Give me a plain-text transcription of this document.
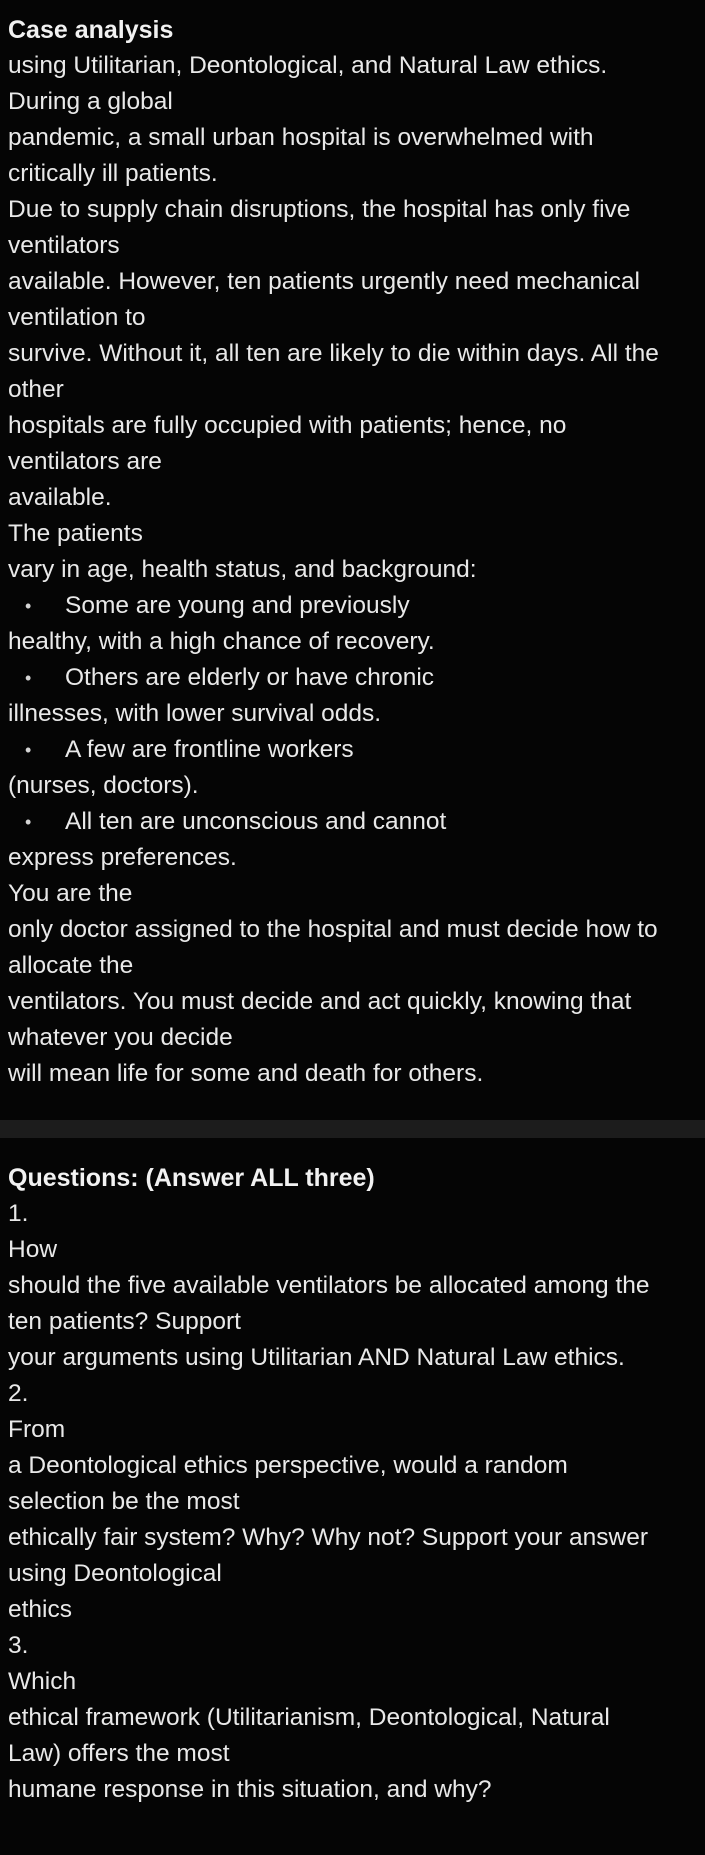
Case analysis
using Utilitarian, Deontological, and Natural Law ethics.
During a global
pandemic, a small urban hospital is overwhelmed with
critically ill patients.
Due to supply chain disruptions, the hospital has only five
ventilators
available. However, ten patients urgently need mechanical
ventilation to
survive. Without it, all ten are likely to die within days. All the
other
hospitals are fully occupied with patients; hence, no
ventilators are
available.
The patients
vary in age, health status, and background:
• Some are young and previously
healthy, with a high chance of recovery.
• Others are elderly or have chronic
illnesses, with lower survival odds.
• A few are frontline workers
(nurses, doctors).
• All ten are unconscious and cannot
express preferences.
You are the
only doctor assigned to the hospital and must decide how to
allocate the
ventilators. You must decide and act quickly, knowing that
whatever you decide
will mean life for some and death for others.
Questions: (Answer ALL three)
1.
How
should the five available ventilators be allocated among the
ten patients? Support
your arguments using Utilitarian AND Natural Law ethics.
2.
From
a Deontological ethics perspective, would a random
selection be the most
ethically fair system? Why? Why not? Support your answer
using Deontological
ethics
3.
Which
ethical framework (Utilitarianism, Deontological, Natural
Law) offers the most
humane response in this situation, and why?
